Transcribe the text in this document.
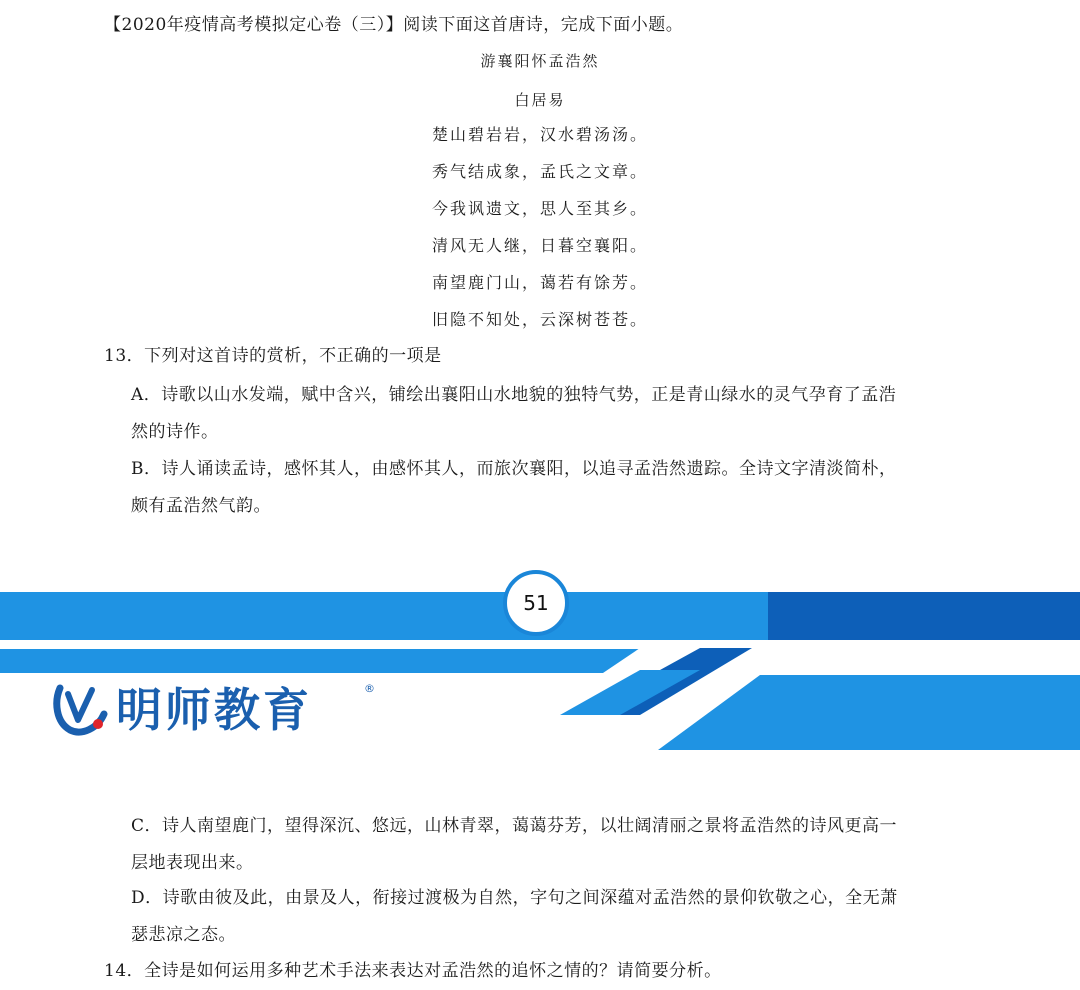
【2020年疫情高考模拟定心卷（三）】阅读下面这首唐诗，完成下面小题。
游襄阳怀孟浩然
白居易
楚山碧岩岩，汉水碧汤汤。
秀气结成象，孟氏之文章。
今我讽遗文，思人至其乡。
清风无人继，日暮空襄阳。
南望鹿门山，蔼若有馀芳。
旧隐不知处，云深树苍苍。
13．下列对这首诗的赏析，不正确的一项是
A．诗歌以山水发端，赋中含兴，铺绘出襄阳山水地貌的独特气势，正是青山绿水的灵气孕育了孟浩
然的诗作。
B．诗人诵读孟诗，感怀其人，由感怀其人，而旅次襄阳，以追寻孟浩然遗踪。全诗文字清淡简朴，
颇有孟浩然气韵。
51
明师教育	®
C．诗人南望鹿门，望得深沉、悠远，山林青翠，蔼蔼芬芳，以壮阔清丽之景将孟浩然的诗风更高一
层地表现出来。
D．诗歌由彼及此，由景及人，衔接过渡极为自然，字句之间深蕴对孟浩然的景仰钦敬之心，全无萧
瑟悲凉之态。
14．全诗是如何运用多种艺术手法来表达对孟浩然的追怀之情的？请简要分析。
